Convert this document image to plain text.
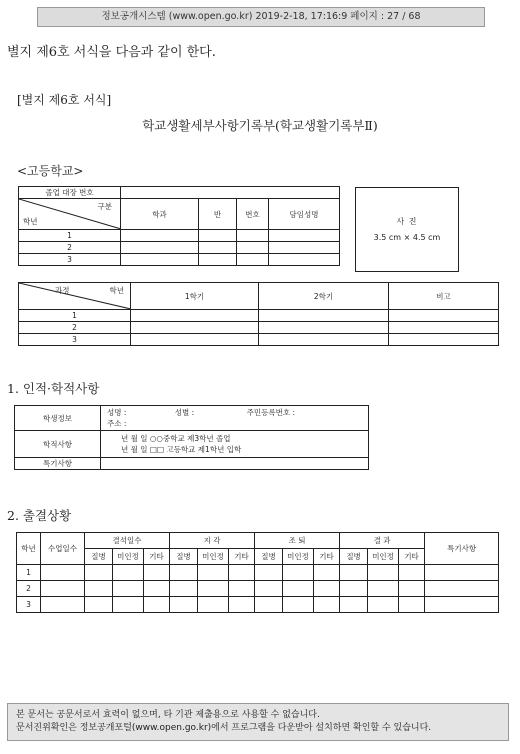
정보공개시스템 (www.open.go.kr) 2019-2-18, 17:16:9 페이지 : 27 / 68
별지 제6호 서식을 다음과 같이 한다.
[별지 제6호 서식]
학교생활세부사항기록부(학교생활기록부Ⅱ)
<고등학교>
졸업 대장 번호				

구분
학년	학과	반	번호	담임성명
1				
2				
3				
사 진
3.5 cm × 4.5 cm
과정 학년	1학기	2학기	비고
1			
2			
3			
1. 인적·학적사항
학생정보	성명 : 성별 : 주민등록번호 :
주소 :
학적사항	년 월 일 ○○중학교 제3학년 졸업
년 월 일 □□ 고등학교 제1학년 입학

특기사항	
2. 출결상황
학년	수업일수	결석일수			지 각			조 퇴			결 과			특기사항
		질병	미인정	기타	질병	미인정	기타	질병	미인정	기타	질병	미인정	기타	
1														
2														
3														
본 문서는 공문서로서 효력이 없으며, 타 기관 제출용으로 사용할 수 없습니다.
문서진위확인은 정보공개포털(www.open.go.kr)에서 프로그램을 다운받아 설치하면 확인할 수 있습니다.
